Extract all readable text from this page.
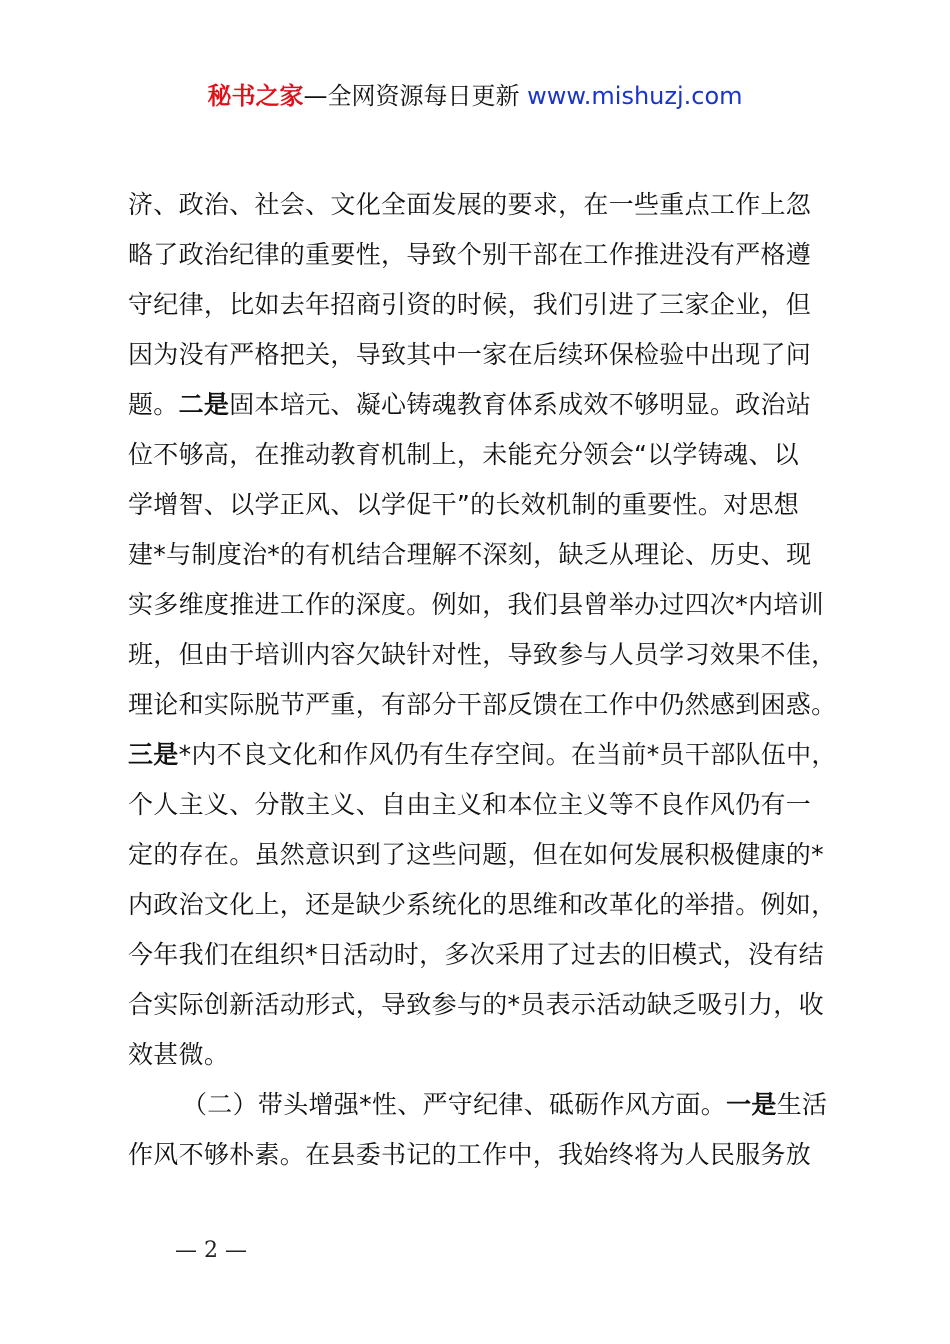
秘书之家—全网资源每日更新 www.mishuzj.com
济、政治、社会、文化全面发展的要求，在一些重点工作上忽
略了政治纪律的重要性，导致个别干部在工作推进没有严格遵
守纪律，比如去年招商引资的时候，我们引进了三家企业，但
因为没有严格把关，导致其中一家在后续环保检验中出现了问
题。二是固本培元、凝心铸魂教育体系成效不够明显。政治站
位不够高，在推动教育机制上，未能充分领会“以学铸魂、以
学增智、以学正风、以学促干”的长效机制的重要性。对思想
建*与制度治*的有机结合理解不深刻，缺乏从理论、历史、现
实多维度推进工作的深度。例如，我们县曾举办过四次*内培训
班，但由于培训内容欠缺针对性，导致参与人员学习效果不佳，
理论和实际脱节严重，有部分干部反馈在工作中仍然感到困惑。
三是*内不良文化和作风仍有生存空间。在当前*员干部队伍中，
个人主义、分散主义、自由主义和本位主义等不良作风仍有一
定的存在。虽然意识到了这些问题，但在如何发展积极健康的*
内政治文化上，还是缺少系统化的思维和改革化的举措。例如，
今年我们在组织*日活动时，多次采用了过去的旧模式，没有结
合实际创新活动形式，导致参与的*员表示活动缺乏吸引力，收
效甚微。
（二）带头增强*性、严守纪律、砥砺作风方面。一是生活
作风不够朴素。在县委书记的工作中，我始终将为人民服务放
— 2 —
